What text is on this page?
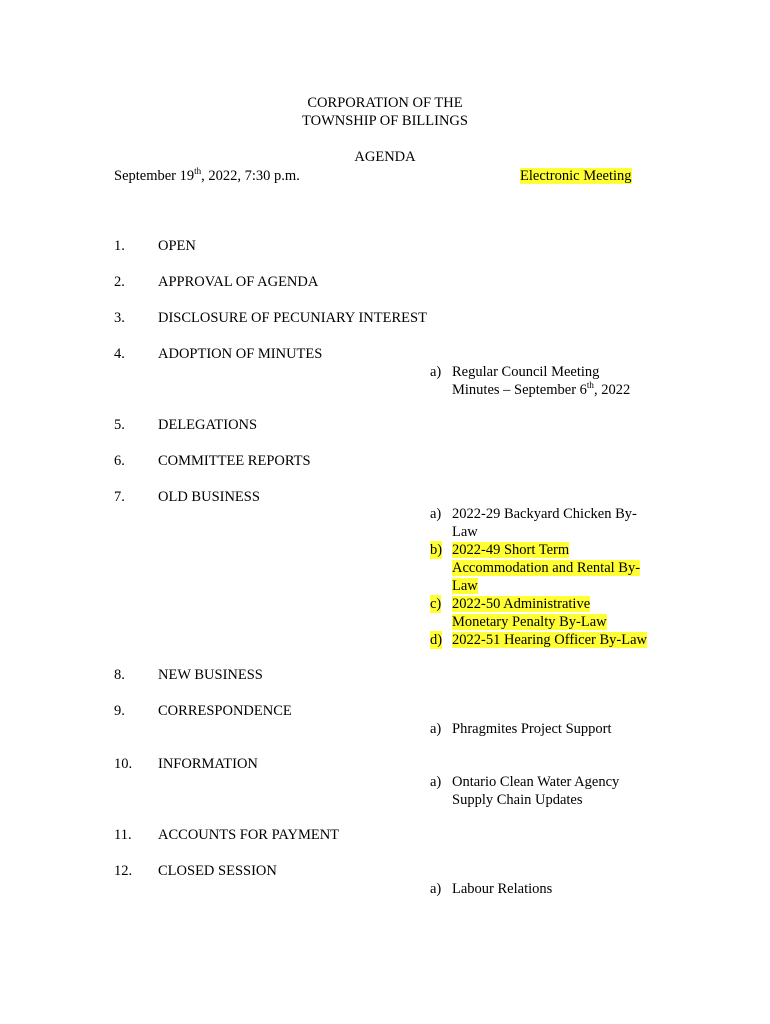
CORPORATION OF THE
TOWNSHIP OF BILLINGS
AGENDA
September 19th, 2022, 7:30 p.m.	Electronic Meeting
1. OPEN
2. APPROVAL OF AGENDA
3. DISCLOSURE OF PECUNIARY INTEREST
4. ADOPTION OF MINUTES
a) Regular Council Meeting
Minutes – September 6th, 2022
5. DELEGATIONS
6. COMMITTEE REPORTS
7. OLD BUSINESS
a) 2022-29 Backyard Chicken By-Law
b) 2022-49 Short Term Accommodation and Rental By-Law
c) 2022-50 Administrative Monetary Penalty By-Law
d) 2022-51 Hearing Officer By-Law
8. NEW BUSINESS
9. CORRESPONDENCE
a) Phragmites Project Support
10. INFORMATION
a) Ontario Clean Water Agency Supply Chain Updates
11. ACCOUNTS FOR PAYMENT
12. CLOSED SESSION
a) Labour Relations
